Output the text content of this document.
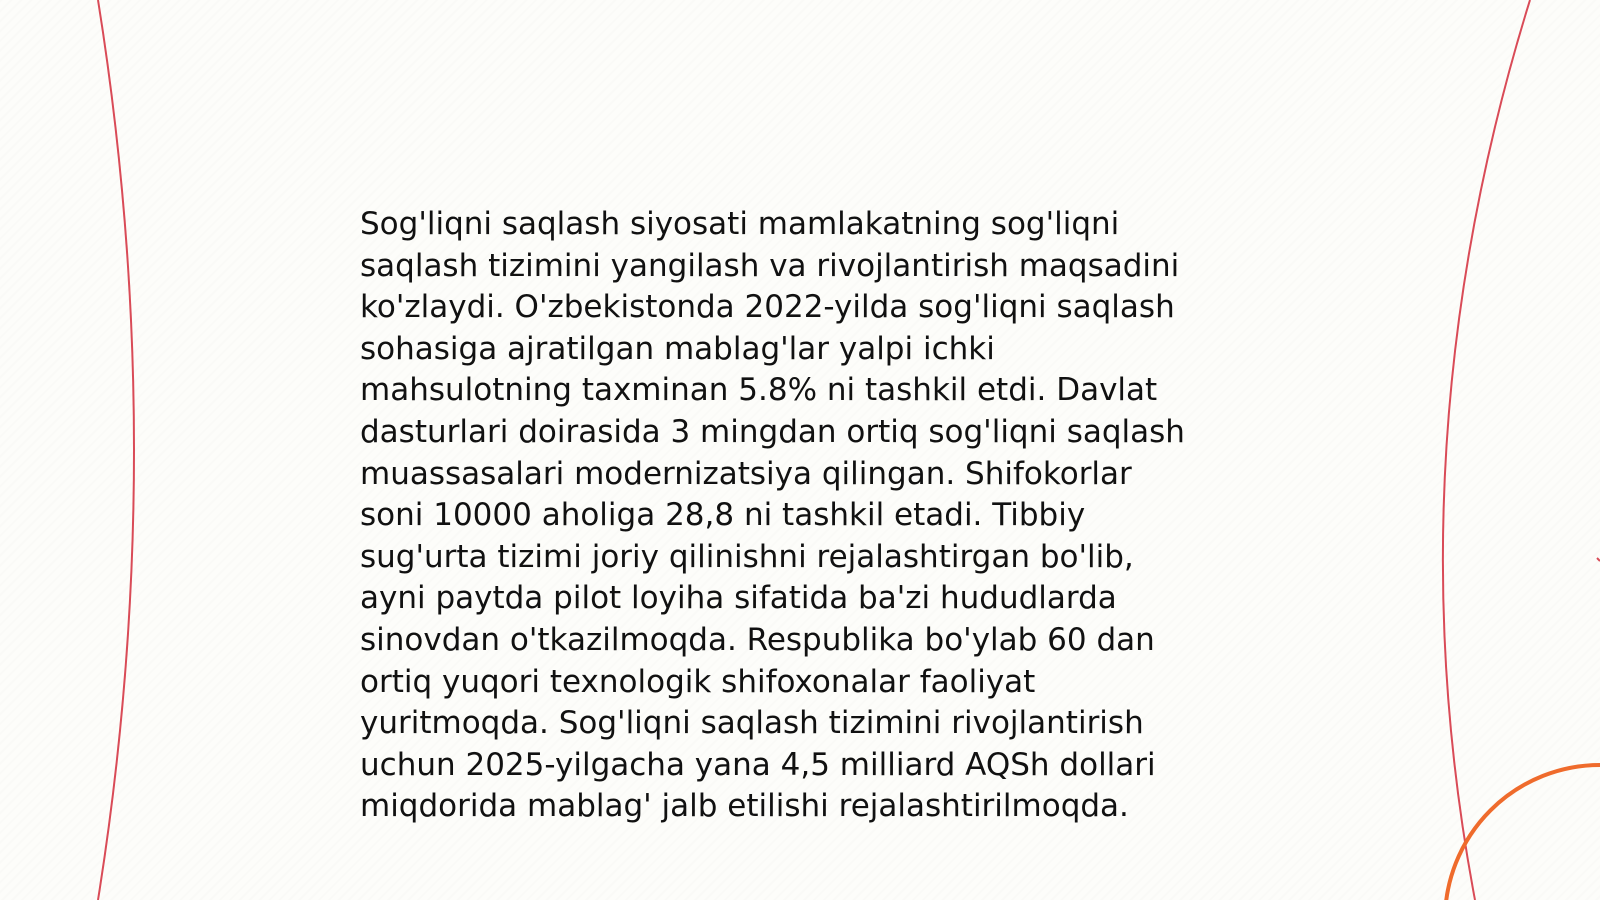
Sog'liqni saqlash siyosati mamlakatning sog'liqni
saqlash tizimini yangilash va rivojlantirish maqsadini
ko'zlaydi. O'zbekistonda 2022-yilda sog'liqni saqlash
sohasiga ajratilgan mablag'lar yalpi ichki
mahsulotning taxminan 5.8% ni tashkil etdi. Davlat
dasturlari doirasida 3 mingdan ortiq sog'liqni saqlash
muassasalari modernizatsiya qilingan. Shifokorlar
soni 10000 aholiga 28,8 ni tashkil etadi. Tibbiy
sug'urta tizimi joriy qilinishni rejalashtirgan bo'lib,
ayni paytda pilot loyiha sifatida ba'zi hududlarda
sinovdan o'tkazilmoqda. Respublika bo'ylab 60 dan
ortiq yuqori texnologik shifoxonalar faoliyat
yuritmoqda. Sog'liqni saqlash tizimini rivojlantirish
uchun 2025-yilgacha yana 4,5 milliard AQSh dollari
miqdorida mablag' jalb etilishi rejalashtirilmoqda.
